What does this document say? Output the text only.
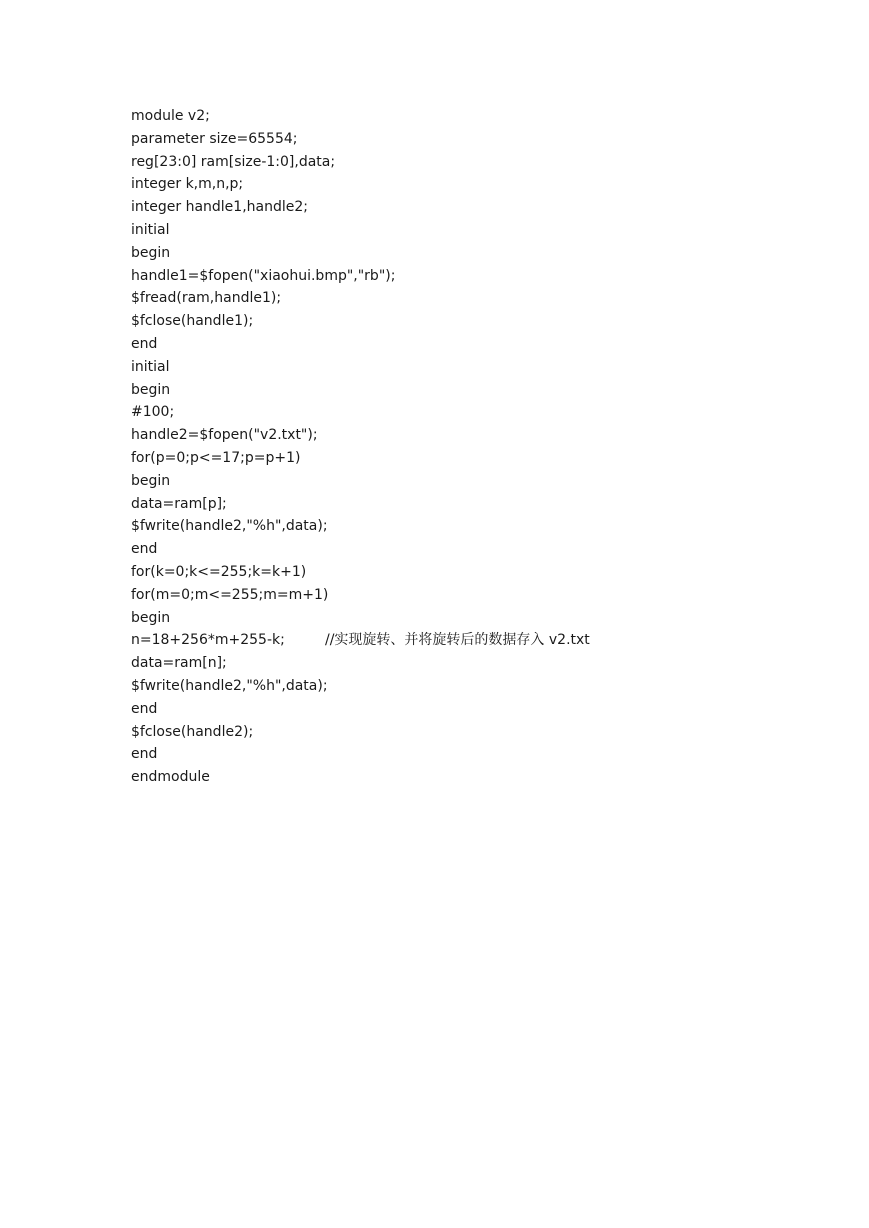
module v2;
parameter size=65554;
reg[23:0] ram[size-1:0],data;
integer k,m,n,p;
integer handle1,handle2;
initial
begin
handle1=$fopen("xiaohui.bmp","rb");
$fread(ram,handle1);
$fclose(handle1);
end
initial
begin
#100;
handle2=$fopen("v2.txt");
for(p=0;p<=17;p=p+1)
begin
data=ram[p];
$fwrite(handle2,"%h",data);
end
for(k=0;k<=255;k=k+1)
for(m=0;m<=255;m=m+1)
begin
n=18+256*m+255-k;	//实现旋转、并将旋转后的数据存入 v2.txt
data=ram[n];
$fwrite(handle2,"%h",data);
end
$fclose(handle2);
end
endmodule
